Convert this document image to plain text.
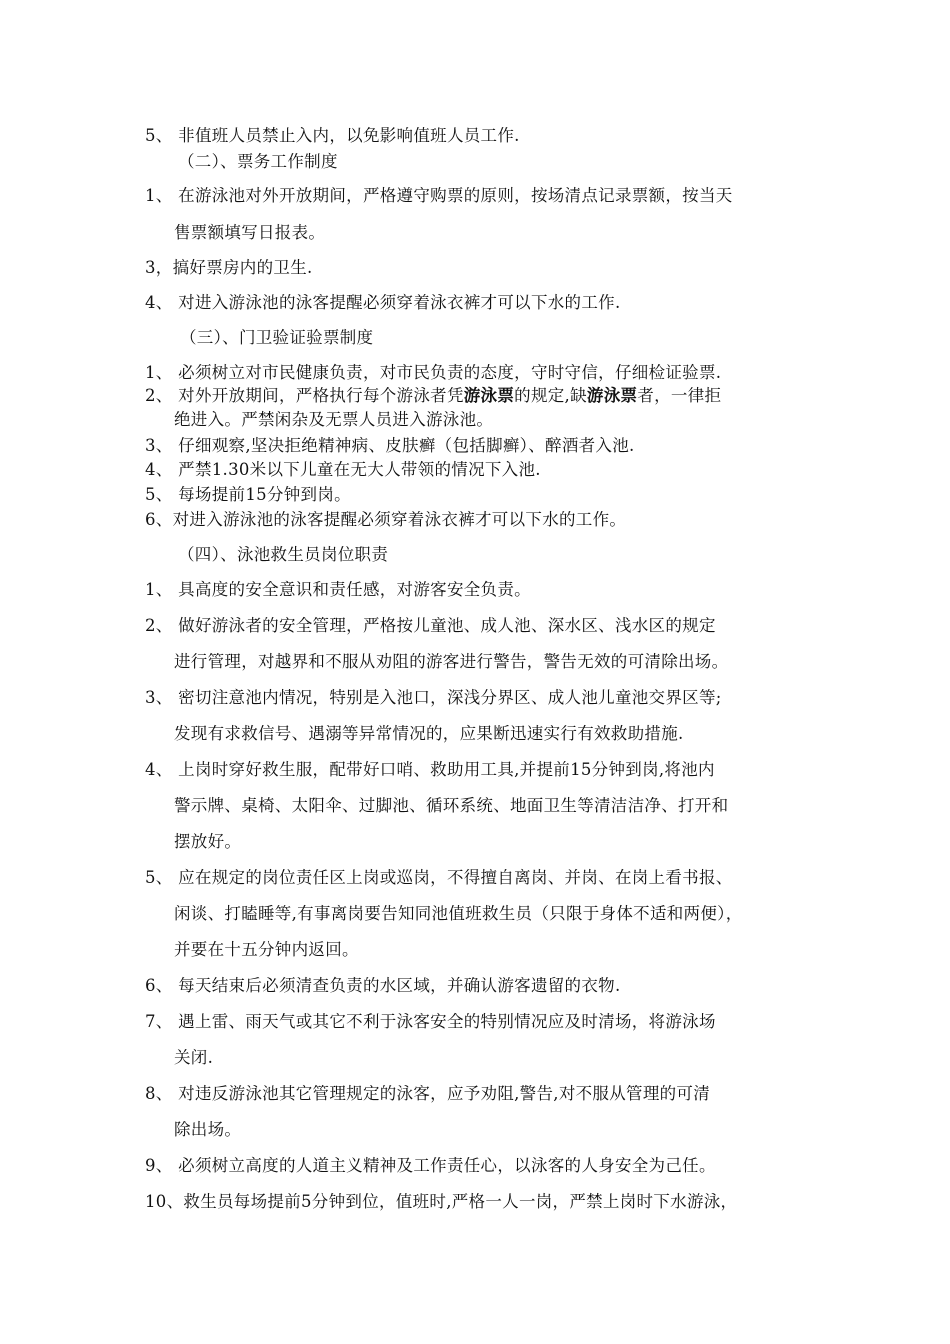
5、 非值班人员禁止入内，以免影响值班人员工作.
（二）、票务工作制度
1、 在游泳池对外开放期间，严格遵守购票的原则，按场清点记录票额，按当天
售票额填写日报表。
3，搞好票房内的卫生.
4、 对进入游泳池的泳客提醒必须穿着泳衣裤才可以下水的工作.
（三）、门卫验证验票制度
1、 必须树立对市民健康负责，对市民负责的态度，守时守信，仔细检证验票.
2、 对外开放期间，严格执行每个游泳者凭游泳票的规定,缺游泳票者，一律拒
绝进入。严禁闲杂及无票人员进入游泳池。
3、 仔细观察,坚决拒绝精神病、皮肤癣（包括脚癣）、醉酒者入池.
4、 严禁1.30米以下儿童在无大人带领的情况下入池.
5、 每场提前15分钟到岗。
6、对进入游泳池的泳客提醒必须穿着泳衣裤才可以下水的工作。
（四）、泳池救生员岗位职责
1、 具高度的安全意识和责任感，对游客安全负责。
2、 做好游泳者的安全管理，严格按儿童池、成人池、深水区、浅水区的规定
进行管理，对越界和不服从劝阻的游客进行警告，警告无效的可清除出场。
3、 密切注意池内情况，特别是入池口，深浅分界区、成人池儿童池交界区等;
发现有求救信号、遇溺等异常情况的，应果断迅速实行有效救助措施.
4、 上岗时穿好救生服，配带好口哨、救助用工具,并提前15分钟到岗,将池内
警示牌、桌椅、太阳伞、过脚池、循环系统、地面卫生等清洁洁净、打开和
摆放好。
5、 应在规定的岗位责任区上岗或巡岗，不得擅自离岗、并岗、在岗上看书报、
闲谈、打瞌睡等,有事离岗要告知同池值班救生员（只限于身体不适和两便），
并要在十五分钟内返回。
6、 每天结束后必须清查负责的水区域，并确认游客遗留的衣物.
7、 遇上雷、雨天气或其它不利于泳客安全的特别情况应及时清场，将游泳场
关闭.
8、 对违反游泳池其它管理规定的泳客，应予劝阻,警告,对不服从管理的可清
除出场。
9、 必须树立高度的人道主义精神及工作责任心，以泳客的人身安全为己任。
10、救生员每场提前5分钟到位，值班时,严格一人一岗，严禁上岗时下水游泳，
